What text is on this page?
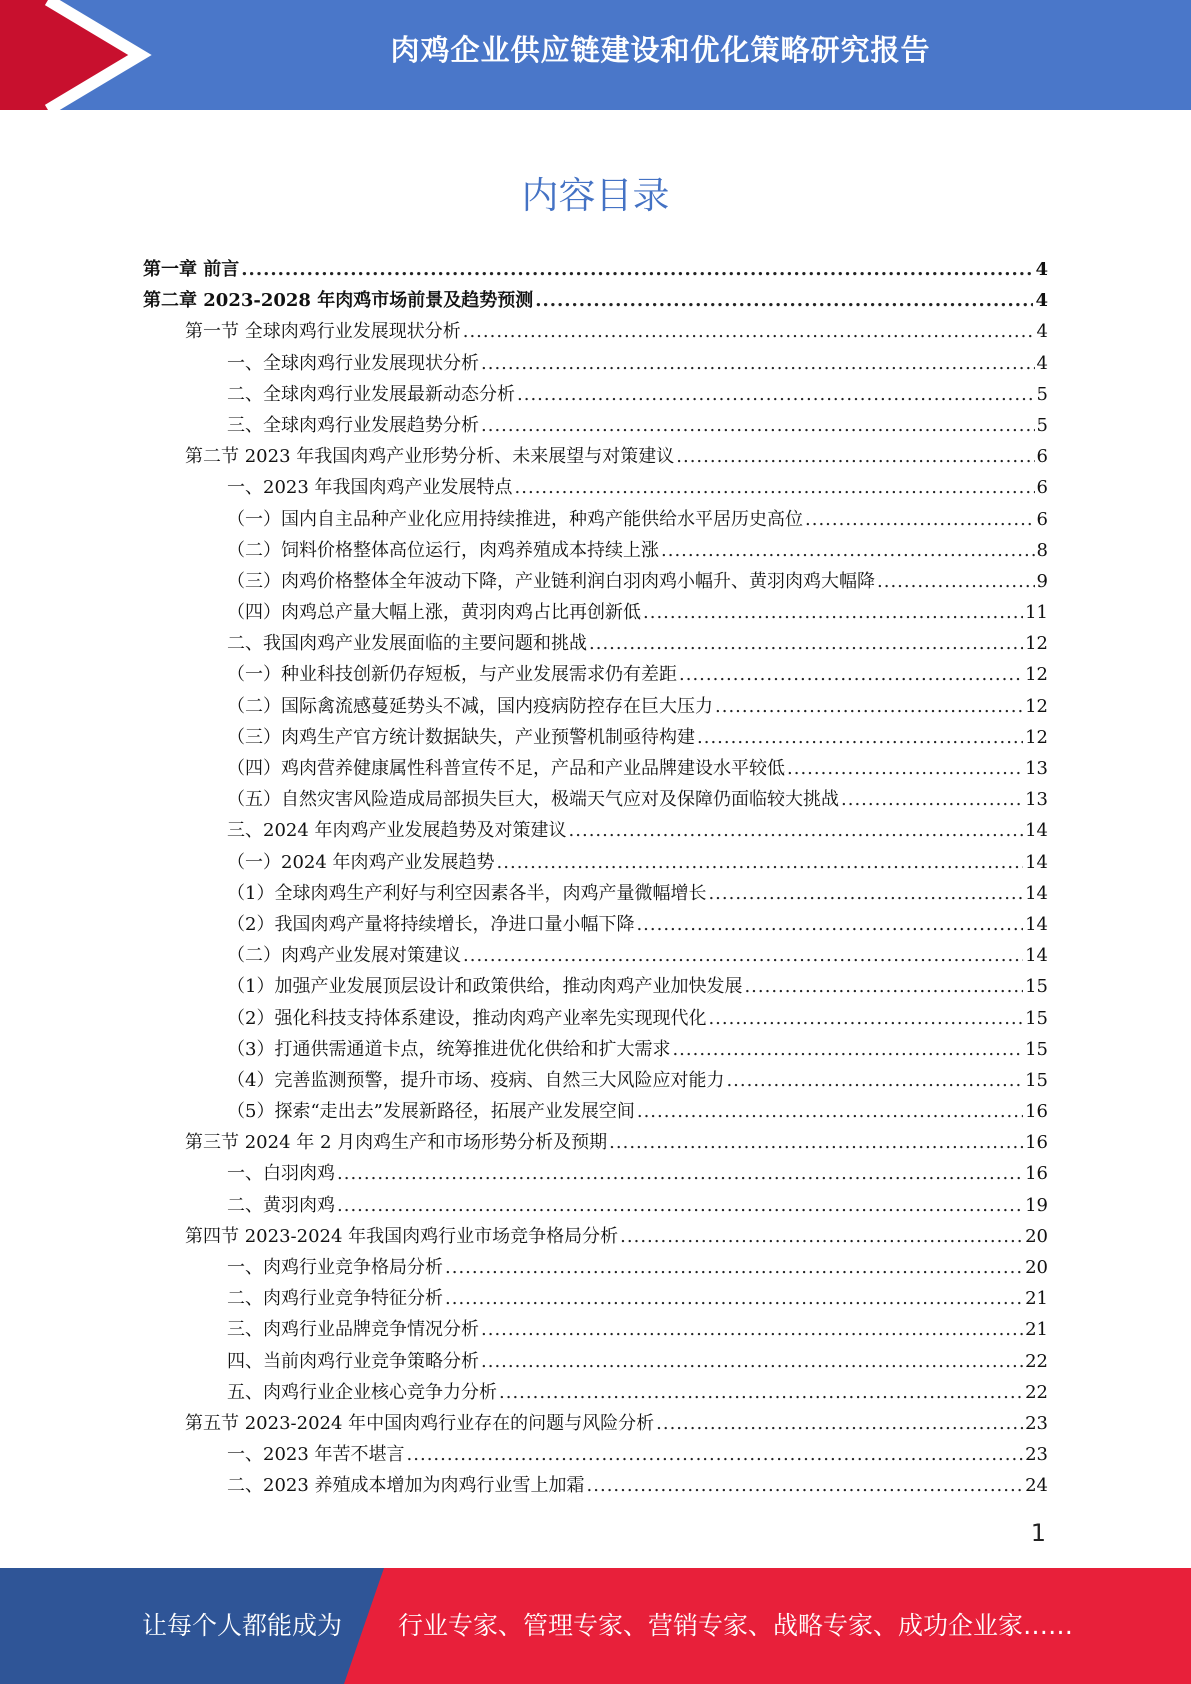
肉鸡企业供应链建设和优化策略研究报告
内容目录
第一章 前言 .....	4
第二章 2023-2028 年肉鸡市场前景及趋势预测 .....	4
第一节 全球肉鸡行业发展现状分析 .....	4
一、全球肉鸡行业发展现状分析 .....	4
二、全球肉鸡行业发展最新动态分析 .....	5
三、全球肉鸡行业发展趋势分析 .....	5
第二节 2023 年我国肉鸡产业形势分析、未来展望与对策建议 .....	6
一、2023 年我国肉鸡产业发展特点 .....	6
（一）国内自主品种产业化应用持续推进，种鸡产能供给水平居历史高位 .....	6
（二）饲料价格整体高位运行，肉鸡养殖成本持续上涨 .....	8
（三）肉鸡价格整体全年波动下降，产业链利润白羽肉鸡小幅升、黄羽肉鸡大幅降 .....	9
（四）肉鸡总产量大幅上涨，黄羽肉鸡占比再创新低 .....	11
二、我国肉鸡产业发展面临的主要问题和挑战 .....	12
（一）种业科技创新仍存短板，与产业发展需求仍有差距 .....	12
（二）国际禽流感蔓延势头不减，国内疫病防控存在巨大压力 .....	12
（三）肉鸡生产官方统计数据缺失，产业预警机制亟待构建 .....	12
（四）鸡肉营养健康属性科普宣传不足，产品和产业品牌建设水平较低 .....	13
（五）自然灾害风险造成局部损失巨大，极端天气应对及保障仍面临较大挑战 .....	13
三、2024 年肉鸡产业发展趋势及对策建议 .....	14
（一）2024 年肉鸡产业发展趋势 .....	14
（1）全球肉鸡生产利好与利空因素各半，肉鸡产量微幅增长 .....	14
（2）我国肉鸡产量将持续增长，净进口量小幅下降 .....	14
（二）肉鸡产业发展对策建议 .....	14
（1）加强产业发展顶层设计和政策供给，推动肉鸡产业加快发展 .....	15
（2）强化科技支持体系建设，推动肉鸡产业率先实现现代化 .....	15
（3）打通供需通道卡点，统筹推进优化供给和扩大需求 .....	15
（4）完善监测预警，提升市场、疫病、自然三大风险应对能力 .....	15
（5）探索“走出去”发展新路径，拓展产业发展空间 .....	16
第三节 2024 年 2 月肉鸡生产和市场形势分析及预期 .....	16
一、白羽肉鸡 .....	16
二、黄羽肉鸡 .....	19
第四节 2023-2024 年我国肉鸡行业市场竞争格局分析 .....	20
一、肉鸡行业竞争格局分析 .....	20
二、肉鸡行业竞争特征分析 .....	21
三、肉鸡行业品牌竞争情况分析 .....	21
四、当前肉鸡行业竞争策略分析 .....	22
五、肉鸡行业企业核心竞争力分析 .....	22
第五节 2023-2024 年中国肉鸡行业存在的问题与风险分析 .....	23
一、2023 年苦不堪言 .....	23
二、2023 养殖成本增加为肉鸡行业雪上加霜 .....	24
1
让每个人都能成为 行业专家、管理专家、营销专家、战略专家、成功企业家……
